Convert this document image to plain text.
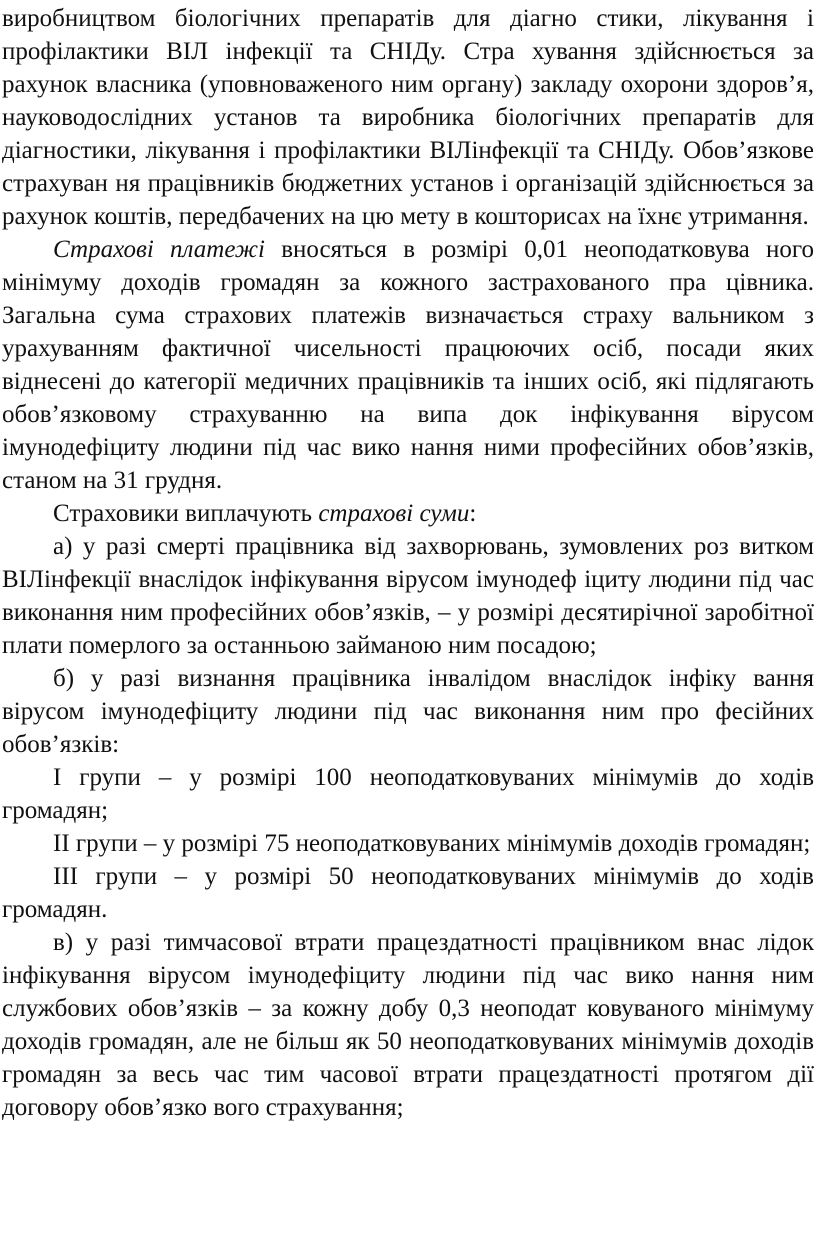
виробництвом біологічних препаратів для діагно стики, лікування і профілактики ВІЛ інфекції та СНІДу. Стра хування здійснюється за рахунок власника (уповноваженого ним органу) закладу охорони здоров’я, науководослідних установ та виробника біологічних препаратів для діагностики, лікування і профілактики ВІЛінфекції та СНІДу. Обов’язкове страхуван ня працівників бюджетних установ і організацій здійснюється за рахунок коштів, передбачених на цю мету в кошторисах на їхнє утримання.

Страхові платежі вносяться в розмірі 0,01 неоподатковува ного мінімуму доходів громадян за кожного застрахованого пра цівника. Загальна сума страхових платежів визначається страху вальником з урахуванням фактичної чисельності працюючих осіб, посади яких віднесені до категорії медичних працівників та інших осіб, які підлягають обов’язковому страхуванню на випа док інфікування вірусом імунодефіциту людини під час вико нання ними професійних обов’язків, станом на 31 грудня.

Страховики виплачують страхові суми:

а) у разі смерті працівника від захворювань, зумовлених роз витком ВІЛінфекції внаслідок інфікування вірусом імунодеф іциту людини під час виконання ним професійних обов’язків, – у розмірі десятирічної заробітної плати померлого за останньою займаною ним посадою;

б) у разі визнання працівника інвалідом внаслідок інфіку вання вірусом імунодефіциту людини під час виконання ним про фесійних обов’язків:

І групи – у розмірі 100 неоподатковуваних мінімумів до ходів громадян;

ІІ групи – у розмірі 75 неоподатковуваних мінімумів доходів громадян;

ІІІ групи – у розмірі 50 неоподатковуваних мінімумів до ходів громадян.

в) у разі тимчасової втрати працездатності працівником внас лідок інфікування вірусом імунодефіциту людини під час вико нання ним службових обов’язків – за кожну добу 0,3 неоподат ковуваного мінімуму доходів громадян, але не більш як 50 неоподатковуваних мінімумів доходів громадян за весь час тим часової втрати працездатності протягом дії договору обов’язко вого страхування;
